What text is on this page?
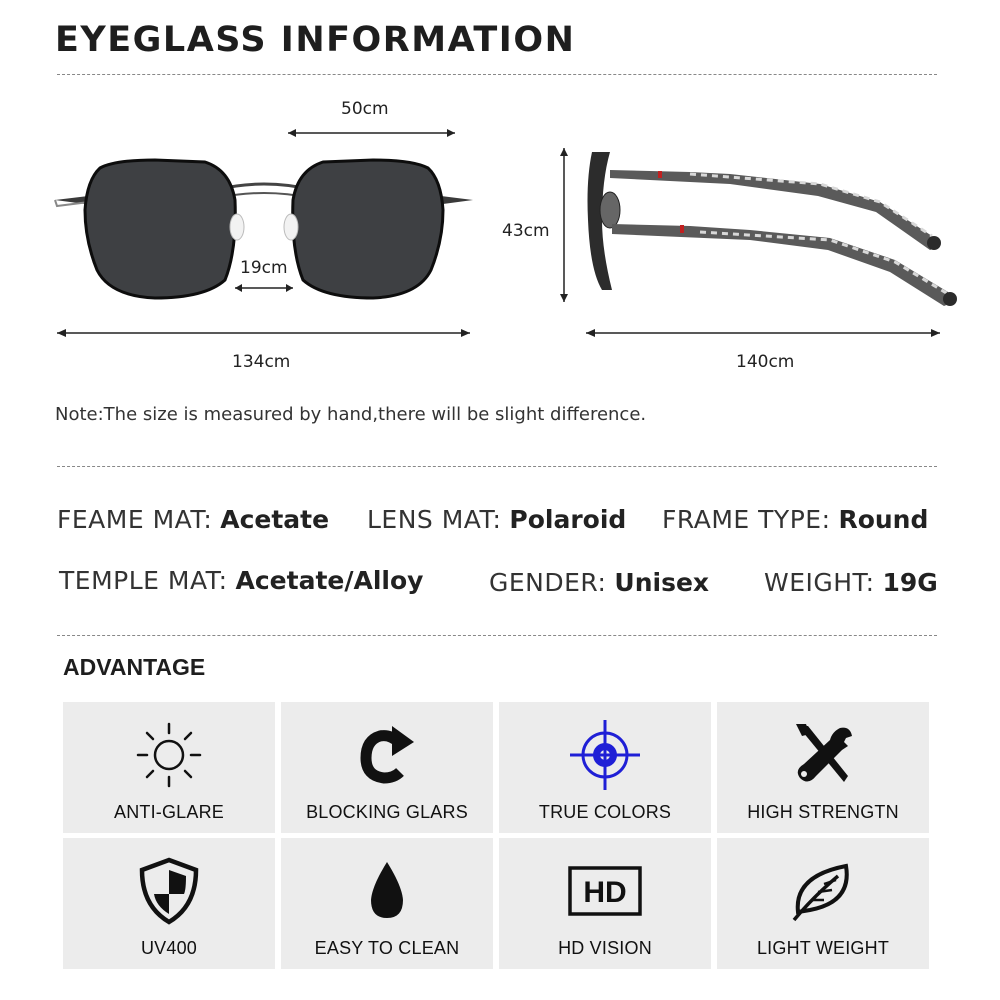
EYEGLASS INFORMATION
50cm
19cm
134cm
43cm
140cm
Note:The size is measured by hand,there will be slight difference.
FEAME MAT: Acetate LENS MAT: Polaroid FRAME TYPE: Round
TEMPLE MAT: Acetate/Alloy	GENDER: Unisex WEIGHT: 19G
ADVANTAGE
ANTI-GLARE	BLOCKING GLARS	TRUE COLORS	HIGH STRENGTN
UV400	EASY TO CLEAN
HD
HD VISION	LIGHT WEIGHT
